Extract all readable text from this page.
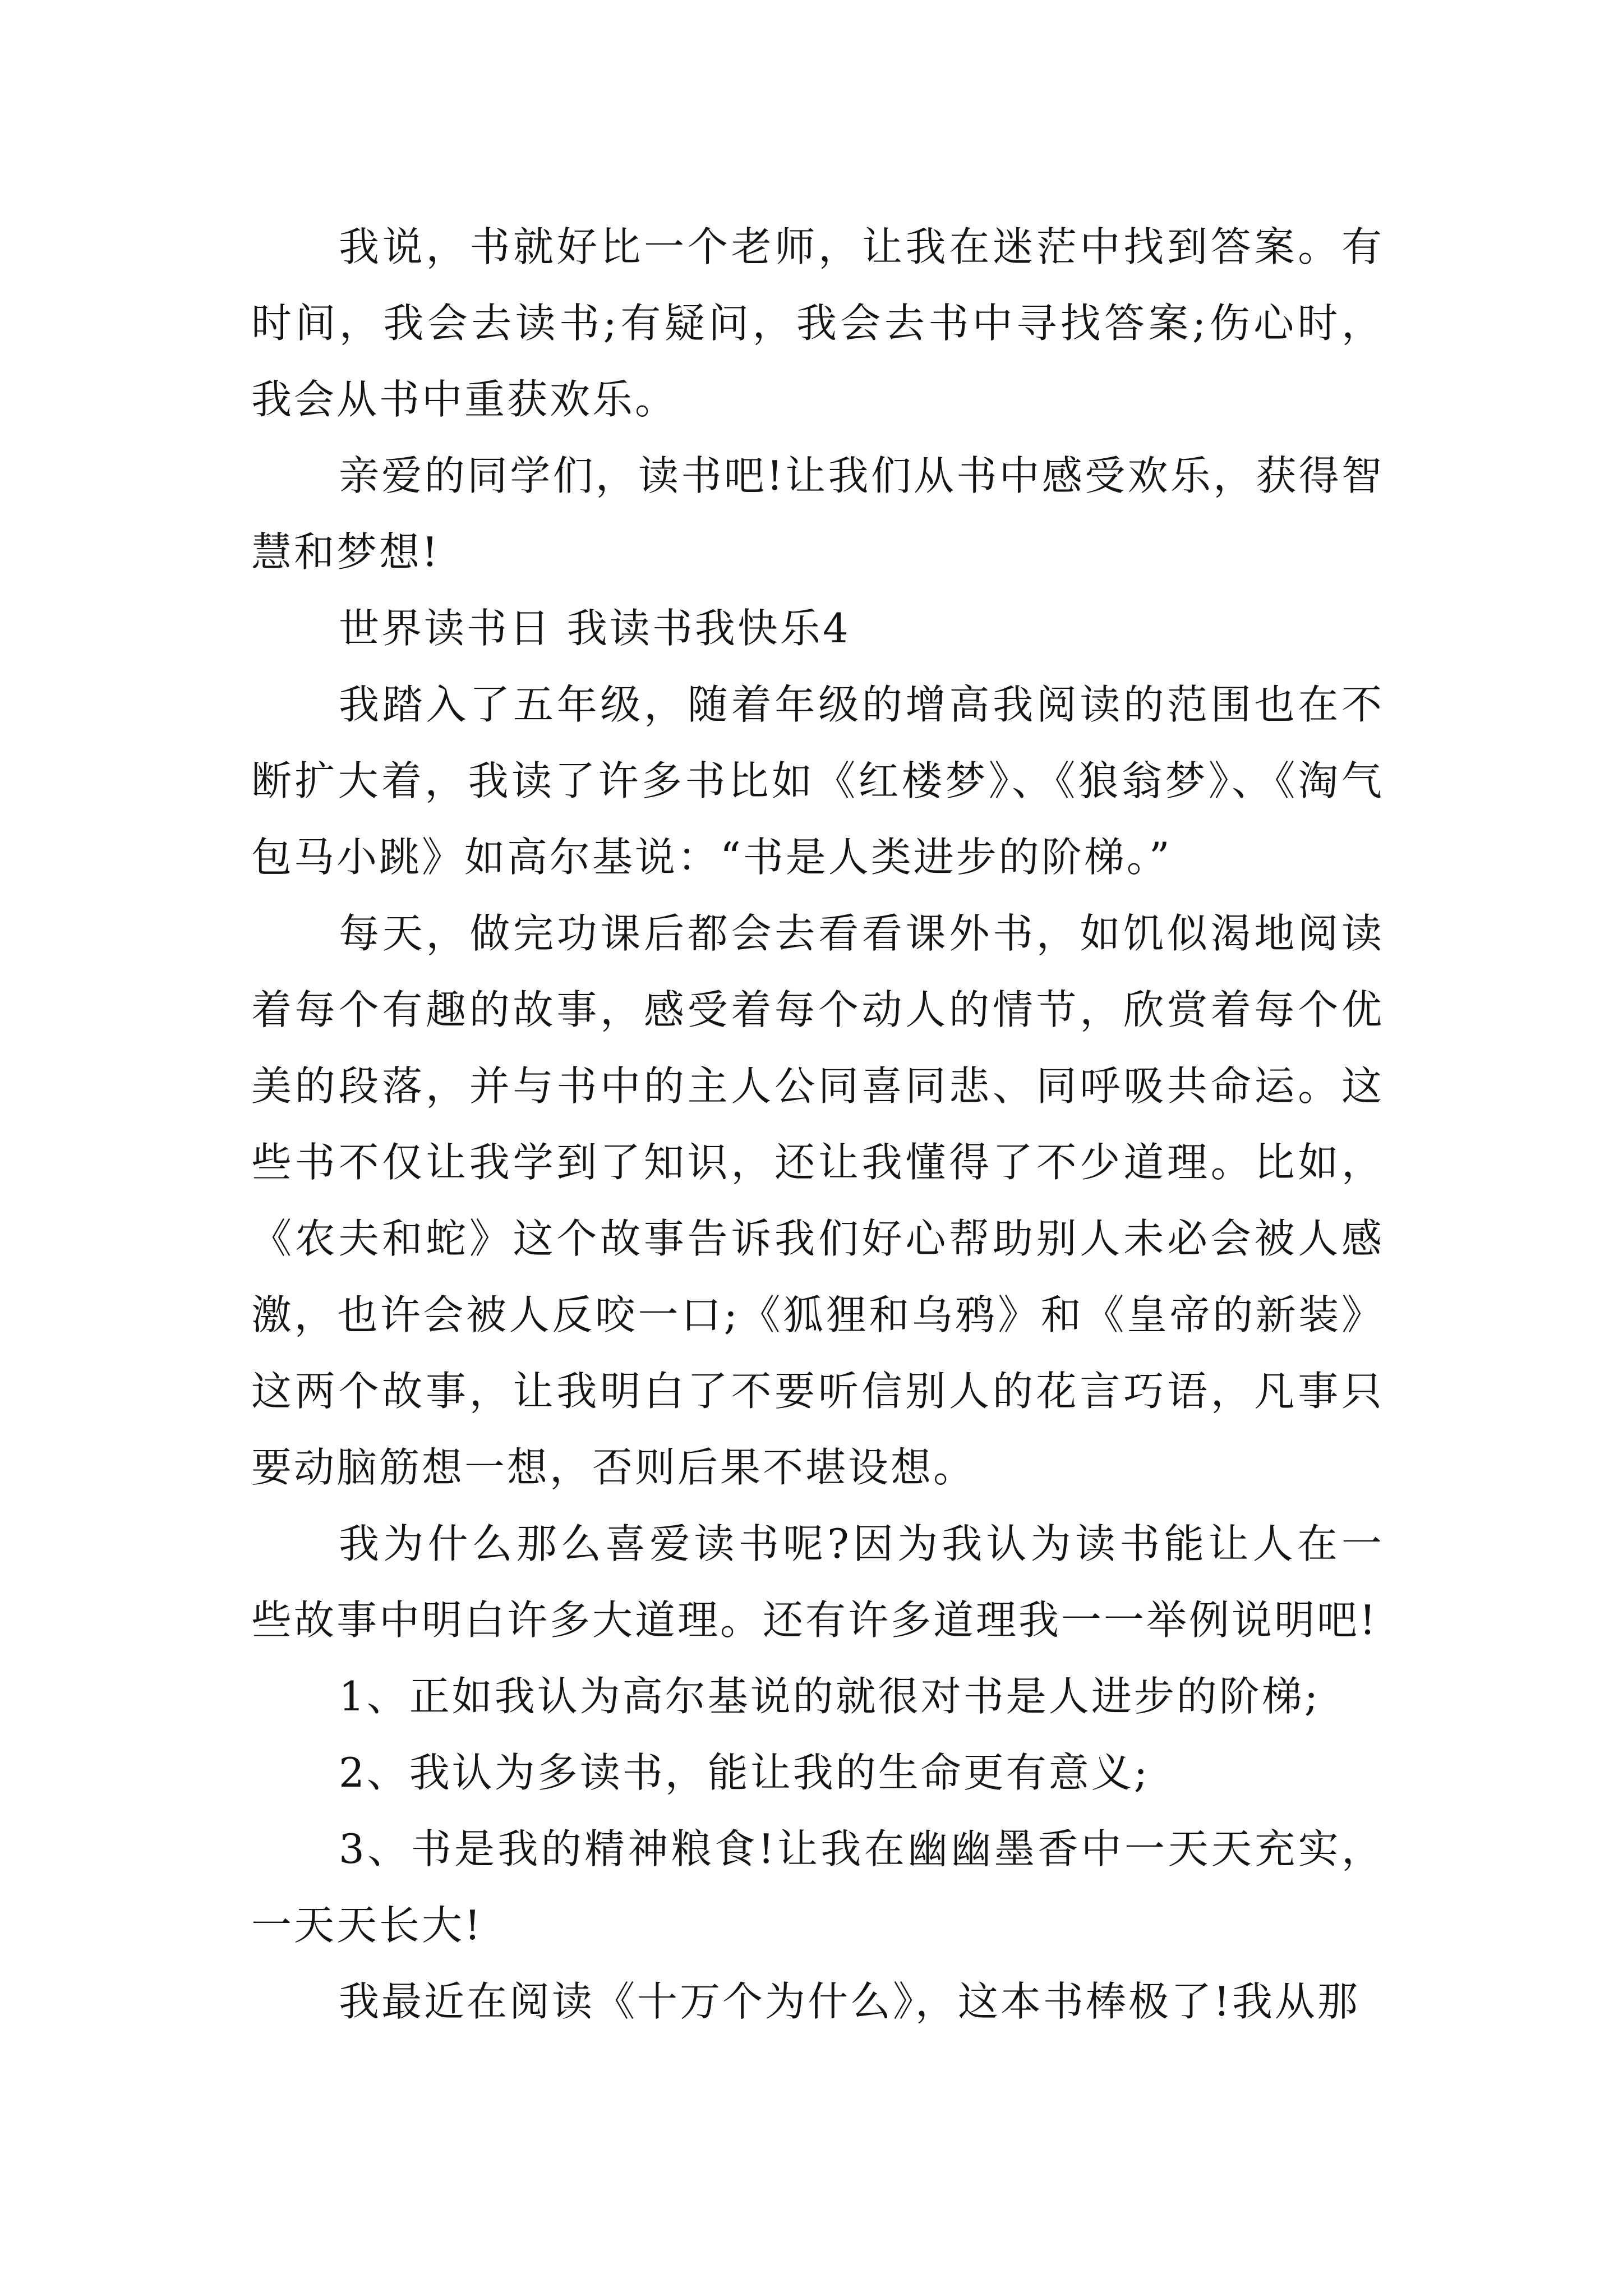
我说，书就好比一个老师，让我在迷茫中找到答案。有时间，我会去读书;有疑问，我会去书中寻找答案;伤心时，我会从书中重获欢乐。

亲爱的同学们，读书吧!让我们从书中感受欢乐，获得智慧和梦想!

世界读书日 我读书我快乐4

我踏入了五年级，随着年级的增高我阅读的范围也在不断扩大着，我读了许多书比如《红楼梦》、《狼翁梦》、《淘气包马小跳》如高尔基说：“书是人类进步的阶梯。”

每天，做完功课后都会去看看课外书，如饥似渴地阅读着每个有趣的故事，感受着每个动人的情节，欣赏着每个优美的段落，并与书中的主人公同喜同悲、同呼吸共命运。这些书不仅让我学到了知识，还让我懂得了不少道理。比如，《农夫和蛇》这个故事告诉我们好心帮助别人未必会被人感激，也许会被人反咬一口;《狐狸和乌鸦》和《皇帝的新装》这两个故事，让我明白了不要听信别人的花言巧语，凡事只要动脑筋想一想，否则后果不堪设想。

我为什么那么喜爱读书呢?因为我认为读书能让人在一些故事中明白许多大道理。还有许多道理我一一举例说明吧!

1、正如我认为高尔基说的就很对书是人进步的阶梯;

2、我认为多读书，能让我的生命更有意义;

3、书是我的精神粮食!让我在幽幽墨香中一天天充实，一天天长大!

我最近在阅读《十万个为什么》，这本书棒极了!我从那
